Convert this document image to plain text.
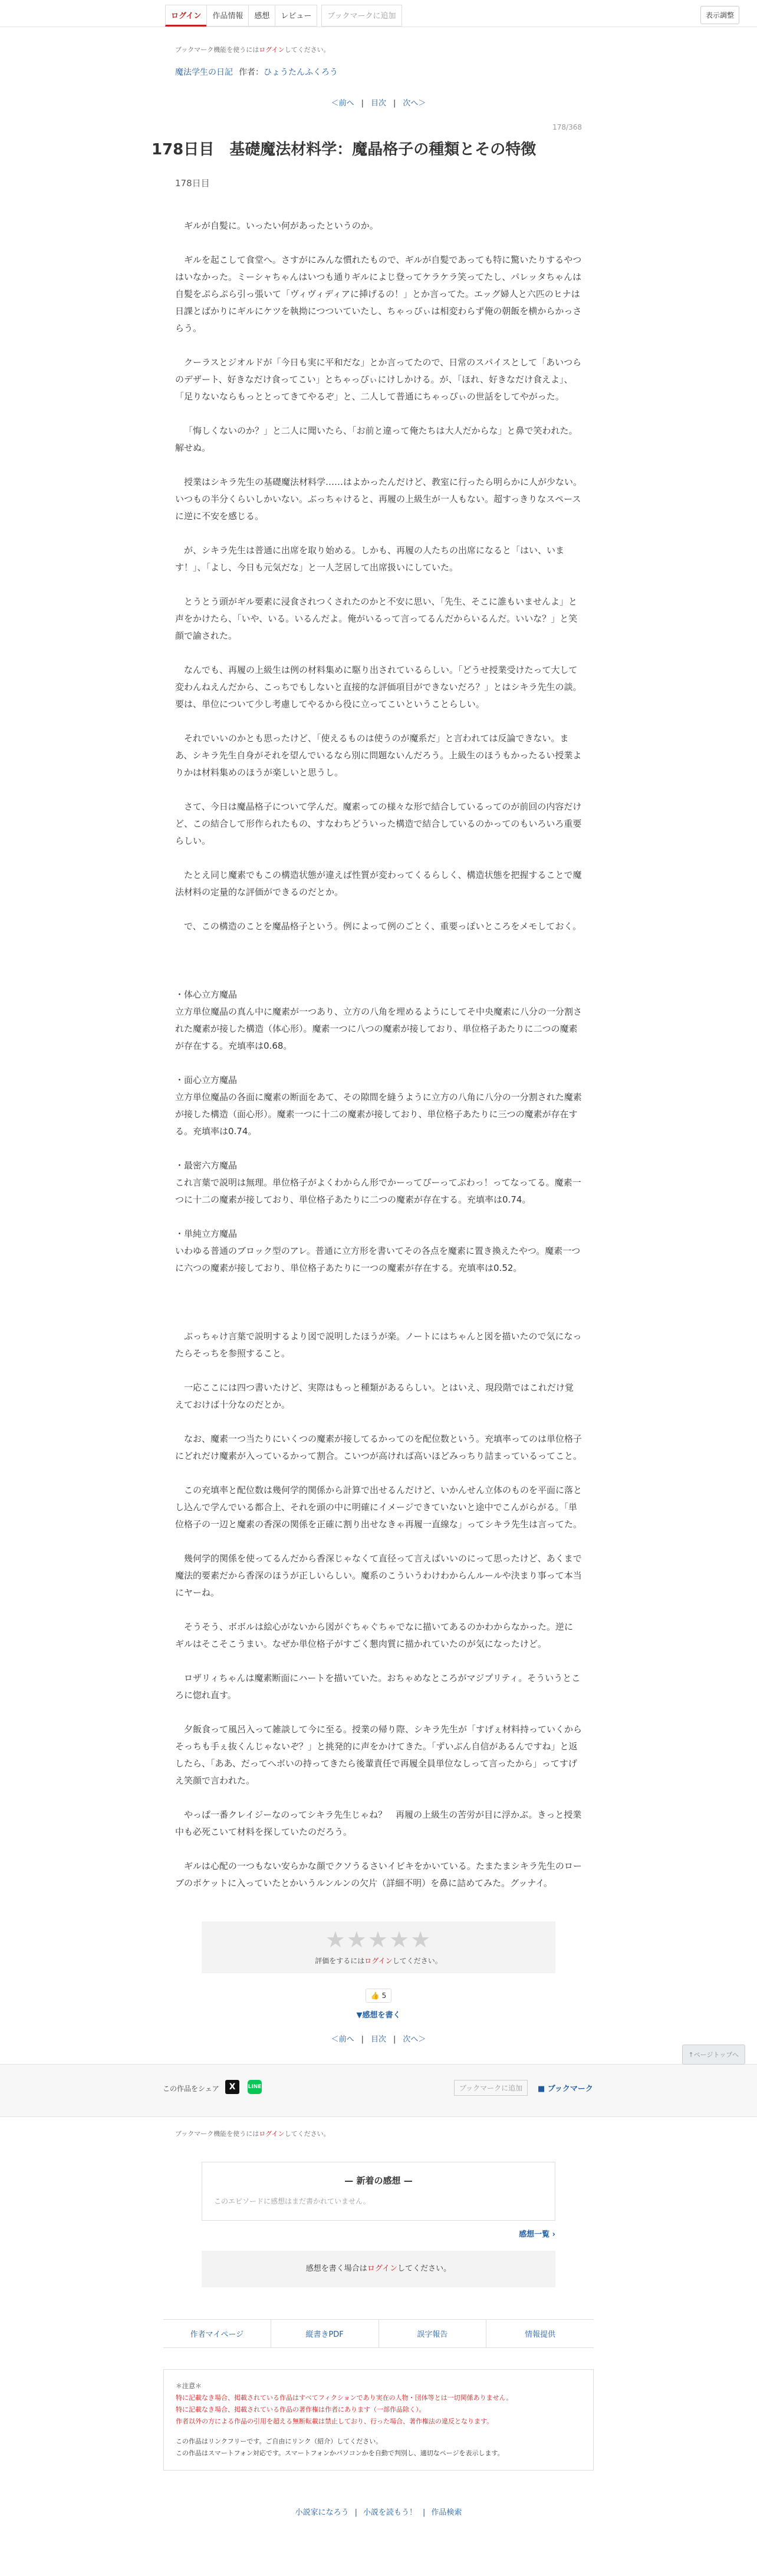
ログイン	作品情報	感想	レビュー	ブックマークに追加	表示調整
ブックマーク機能を使うにはログインしてください。
魔法学生の日記 作者：ひょうたんふくろう
＜前へ | 目次 | 次へ＞
178/368
178日目　基礎魔法材料学：魔晶格子の種類とその特徴
178日目

ギルが自髪に。いったい何があったというのか。

ギルを起こして食堂へ。さすがにみんな慣れたもので、ギルが自髪であっても特に驚いたりするやつはいなかった。ミーシャちゃんはいつも通りギルによじ登ってケラケラ笑ってたし、パレッタちゃんは自髪をぷらぷら引っ張いて「ヴィヴィディアに挿げるの！」とか言ってた。エッグ婦人と六匹のヒナは日課とばかりにギルにケツを執拗につついていたし、ちゃっぴぃは相変わらず俺の朝飯を横からかっさらう。

クーラスとジオルドが「今日も実に平和だな」とか言ってたので、日常のスパイスとして「あいつらのデザート、好きなだけ食ってこい」とちゃっぴぃにけしかける。が、「ほれ、好きなだけ食えよ」、「足りないならもっととってきてやるぞ」と、二人して普通にちゃっぴぃの世話をしてやがった。

「悔しくないのか？」と二人に聞いたら、「お前と違って俺たちは大人だからな」と鼻で笑われた。解せぬ。

授業はシキラ先生の基礎魔法材料学……はよかったんだけど、教室に行ったら明らかに人が少ない。いつもの半分くらいしかいない。ぶっちゃけると、再履の上級生が一人もない。超すっきりなスペースに逆に不安を感じる。

が、シキラ先生は普通に出席を取り始める。しかも、再履の人たちの出席になると「はい、います！」、「よし、今日も元気だな」と一人芝居して出席扱いにしていた。

とうとう頭がギル要素に浸食されつくされたのかと不安に思い、「先生、そこに誰もいませんよ」と声をかけたら、「いや、いる。いるんだよ。俺がいるって言ってるんだからいるんだ。いいな？」と笑顔で諭された。

なんでも、再履の上級生は例の材料集めに駆り出されているらしい。「どうせ授業受けたって大して変わんねえんだから、こっちでもしないと直接的な評価項目ができないだろ？」とはシキラ先生の談。要は、単位について少し考慮してやるから役に立ってこいということらしい。

それでいいのかとも思ったけど、「使えるものは使うのが魔系だ」と言われては反論できない。まあ、シキラ先生自身がそれを望んでいるなら別に問題ないんだろう。上級生のほうもかったるい授業よりかは材料集めのほうが楽しいと思うし。

さて、今日は魔晶格子について学んだ。魔素っての様々な形で結合しているってのが前回の内容だけど、この結合して形作られたもの、すなわちどういった構造で結合しているのかってのもいろいろ重要らしい。

たとえ同じ魔素でもこの構造状態が違えば性質が変わってくるらしく、構造状態を把握することで魔法材料の定量的な評価ができるのだとか。

で、この構造のことを魔晶格子という。例によって例のごとく、重要っぽいところをメモしておく。

・体心立方魔晶
立方単位魔晶の真ん中に魔素が一つあり、立方の八角を埋めるようにしてそ中央魔素に八分の一分割された魔素が接した構造（体心形）。魔素一つに八つの魔素が接しており、単位格子あたりに二つの魔素が存在する。充填率は0.68。

・面心立方魔晶
立方単位魔晶の各面に魔素の断面をあて、その隙間を縫うように立方の八角に八分の一分割された魔素が接した構造（面心形）。魔素一つに十二の魔素が接しており、単位格子あたりに三つの魔素が存在する。充填率は0.74。

・最密六方魔晶
これ言葉で説明は無理。単位格子がよくわからん形でかーってぴーってぶわっ！ってなってる。魔素一つに十二の魔素が接しており、単位格子あたりに二つの魔素が存在する。充填率は0.74。

・単純立方魔晶
いわゆる普通のブロック型のアレ。普通に立方形を書いてその各点を魔素に置き換えたやつ。魔素一つに六つの魔素が接しており、単位格子あたりに一つの魔素が存在する。充填率は0.52。

ぶっちゃけ言葉で説明するより図で説明したほうが楽。ノートにはちゃんと図を描いたので気になったらそっちを参照すること。

一応ここには四つ書いたけど、実際はもっと種類があるらしい。とはいえ、現段階ではこれだけ覚えておけば十分なのだとか。

なお、魔素一つ当たりにいくつの魔素が接してるかってのを配位数という。充填率ってのは単位格子にどれだけ魔素が入っているかって割合。こいつが高ければ高いほどみっちり詰まっているってこと。

この充填率と配位数は幾何学的関係から計算で出せるんだけど、いかんせん立体のものを平面に落とし込んで学んでいる都合上、それを頭の中に明確にイメージできていないと途中でこんがらがる。「単位格子の一辺と魔素の香深の関係を正確に割り出せなきゃ再履一直線な」ってシキラ先生は言ってた。

幾何学的関係を使ってるんだから香深じゃなくて直径って言えばいいのにって思ったけど、あくまで魔法的要素だから香深のほうが正しいらしい。魔系のこういうわけわからんルールや決まり事って本当にヤーね。

そうそう、ボボルは絵心がないから図がぐちゃぐちゃでなに描いてあるのかわからなかった。逆にギルはそこそこうまい。なぜか単位格子がすごく懇肉質に描かれていたのが気になったけど。

ロザリィちゃんは魔素断面にハートを描いていた。おちゃめなところがマジプリティ。そういうところに惚れ直す。

夕飯食って風呂入って雑談して今に至る。授業の帰り際、シキラ先生が「すげぇ材料持っていくからそっちも手ぇ抜くんじゃないぞ？」と挑発的に声をかけてきた。「ずいぶん自信があるんですね」と返したら、「ああ、だってへボいの持ってきたら後輩責任で再履全員単位なしって言ったから」ってすげえ笑顔で言われた。

やっぱ一番クレイジーなのってシキラ先生じゃね？　再履の上級生の苦労が目に浮かぶ。きっと授業中も必死こいて材料を探していたのだろう。

ギルは心配の一つもない安らかな顔でクソうるさいイビキをかいている。たまたまシキラ先生のローブのポケットに入っていたとかいうルンルンの欠片（詳細不明）を鼻に詰めてみた。グッナイ。

★★★★★
評価をするにはログインしてください。
👍 5
▼感想を書く
＜前へ | 目次 | 次へ＞
↑ページトップへ
この作品をシェア	X	LINE	ブックマークに追加	■ ブックマーク
ブックマーク機能を使うにはログインしてください。
— 新着の感想 —
このエピソードに感想はまだ書かれていません。
感想一覧 ›
感想を書く場合はログインしてください。
作者マイページ	縦書きPDF	誤字報告	情報提供
＊注意＊
特に記載なき場合、掲載されている作品はすべてフィクションであり実在の人物・団体等とは一切関係ありません。
特に記載なき場合、掲載されている作品の著作権は作者にあります（一部作品除く）。
作者以外の方による作品の引用を超える無断転載は禁止しており、行った場合、著作権法の違反となります。
この作品はリンクフリーです。ご自由にリンク（紹介）してください。
この作品はスマートフォン対応です。スマートフォンかパソコンかを自動で判別し、適切なページを表示します。
小説家になろう | 小説を読もう！ | 作品検索
